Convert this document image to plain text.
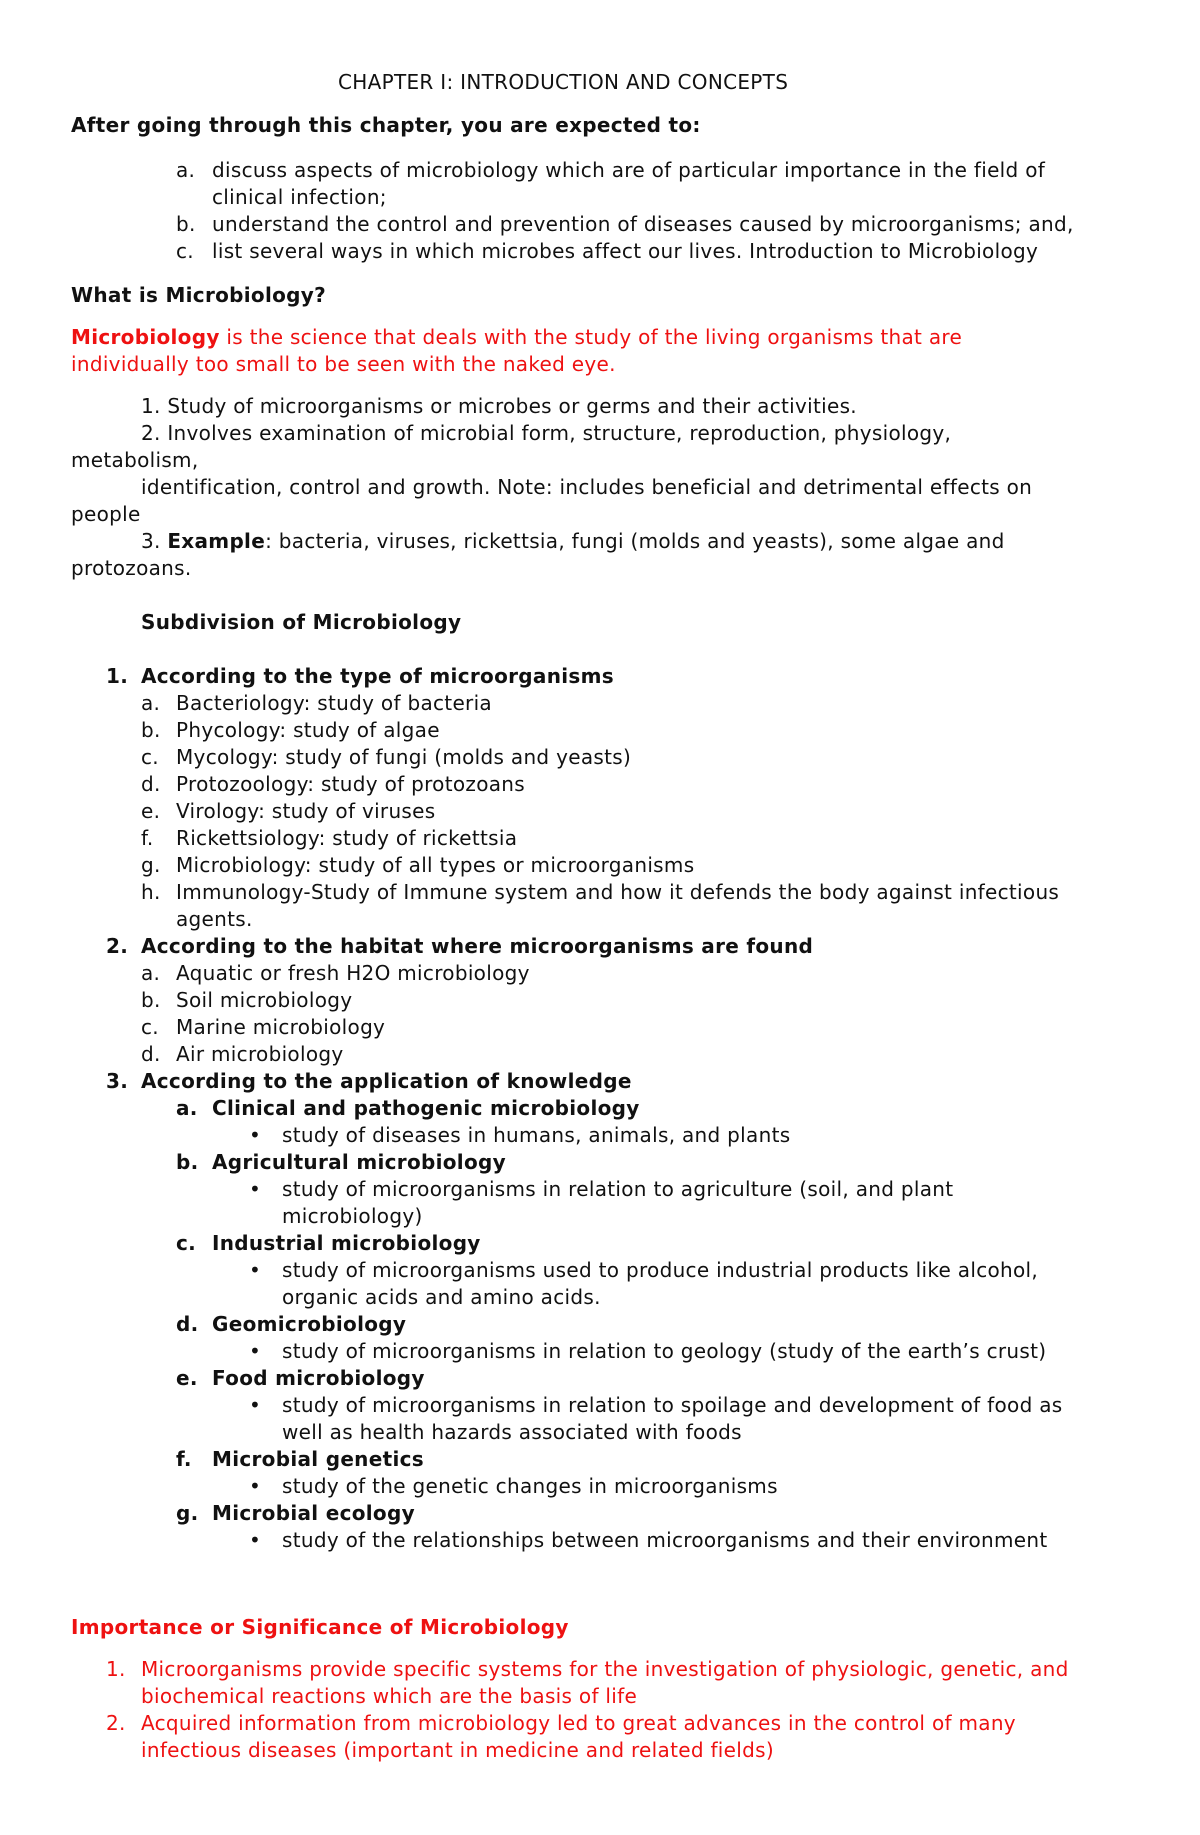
CHAPTER I: INTRODUCTION AND CONCEPTS
After going through this chapter, you are expected to:
a. discuss aspects of microbiology which are of particular importance in the field of
clinical infection;
b. understand the control and prevention of diseases caused by microorganisms; and,
c. list several ways in which microbes affect our lives. Introduction to Microbiology
What is Microbiology?
Microbiology is the science that deals with the study of the living organisms that are
individually too small to be seen with the naked eye.
1. Study of microorganisms or microbes or germs and their activities.
2. Involves examination of microbial form, structure, reproduction, physiology,
metabolism,
identification, control and growth. Note: includes beneficial and detrimental effects on
people
3. Example: bacteria, viruses, rickettsia, fungi (molds and yeasts), some algae and
protozoans.
Subdivision of Microbiology
1. According to the type of microorganisms
a. Bacteriology: study of bacteria
b. Phycology: study of algae
c. Mycology: study of fungi (molds and yeasts)
d. Protozoology: study of protozoans
e. Virology: study of viruses
f. Rickettsiology: study of rickettsia
g. Microbiology: study of all types or microorganisms
h. Immunology-Study of Immune system and how it defends the body against infectious
agents.
2. According to the habitat where microorganisms are found
a. Aquatic or fresh H2O microbiology
b. Soil microbiology
c. Marine microbiology
d. Air microbiology
3. According to the application of knowledge
a. Clinical and pathogenic microbiology
• study of diseases in humans, animals, and plants
b. Agricultural microbiology
• study of microorganisms in relation to agriculture (soil, and plant
microbiology)
c. Industrial microbiology
• study of microorganisms used to produce industrial products like alcohol,
organic acids and amino acids.
d. Geomicrobiology
• study of microorganisms in relation to geology (study of the earth’s crust)
e. Food microbiology
• study of microorganisms in relation to spoilage and development of food as
well as health hazards associated with foods
f. Microbial genetics
• study of the genetic changes in microorganisms
g. Microbial ecology
• study of the relationships between microorganisms and their environment
Importance or Significance of Microbiology
1. Microorganisms provide specific systems for the investigation of physiologic, genetic, and
biochemical reactions which are the basis of life
2. Acquired information from microbiology led to great advances in the control of many
infectious diseases (important in medicine and related fields)
